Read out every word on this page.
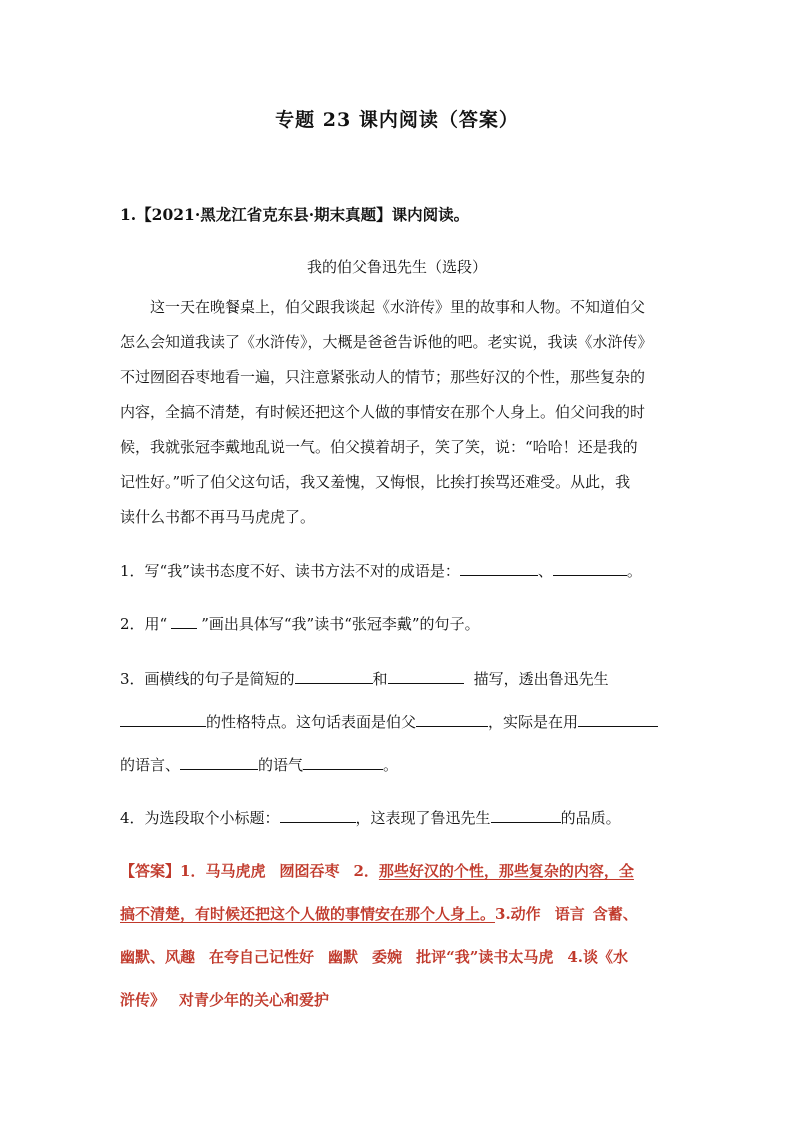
专题 23 课内阅读（答案）
1.【2021·黑龙江省克东县·期末真题】课内阅读。
我的伯父鲁迅先生（选段）
这一天在晚餐桌上，伯父跟我谈起《水浒传》里的故事和人物。不知道伯父
怎么会知道我读了《水浒传》，大概是爸爸告诉他的吧。老实说，我读《水浒传》
不过囫囵吞枣地看一遍，只注意紧张动人的情节；那些好汉的个性，那些复杂的
内容，全搞不清楚，有时候还把这个人做的事情安在那个人身上。伯父问我的时
候，我就张冠李戴地乱说一气。伯父摸着胡子，笑了笑，说：“哈哈！还是我的
记性好。”听了伯父这句话，我又羞愧，又悔恨，比挨打挨骂还难受。从此，我
读什么书都不再马马虎虎了。
1．写“我”读书态度不好、读书方法不对的成语是：	、	。
2．用“ ”画出具体写“我”读书“张冠李戴”的句子。
3．画横线的句子是简短的	和	描写，透出鲁迅先生
的性格特点。这句话表面是伯父	，实际是在用
的语言、	的语气	。
4．为选段取个小标题：	，这表现了鲁迅先生	的品质。
【答案】1．马马虎虎 囫囵吞枣 2．那些好汉的个性，那些复杂的内容，全
搞不清楚，有时候还把这个人做的事情安在那个人身上。3.动作 语言 含蓄、
幽默、风趣 在夸自己记性好 幽默 委婉 批评“我”读书太马虎 4.谈《水
浒传》 对青少年的关心和爱护
